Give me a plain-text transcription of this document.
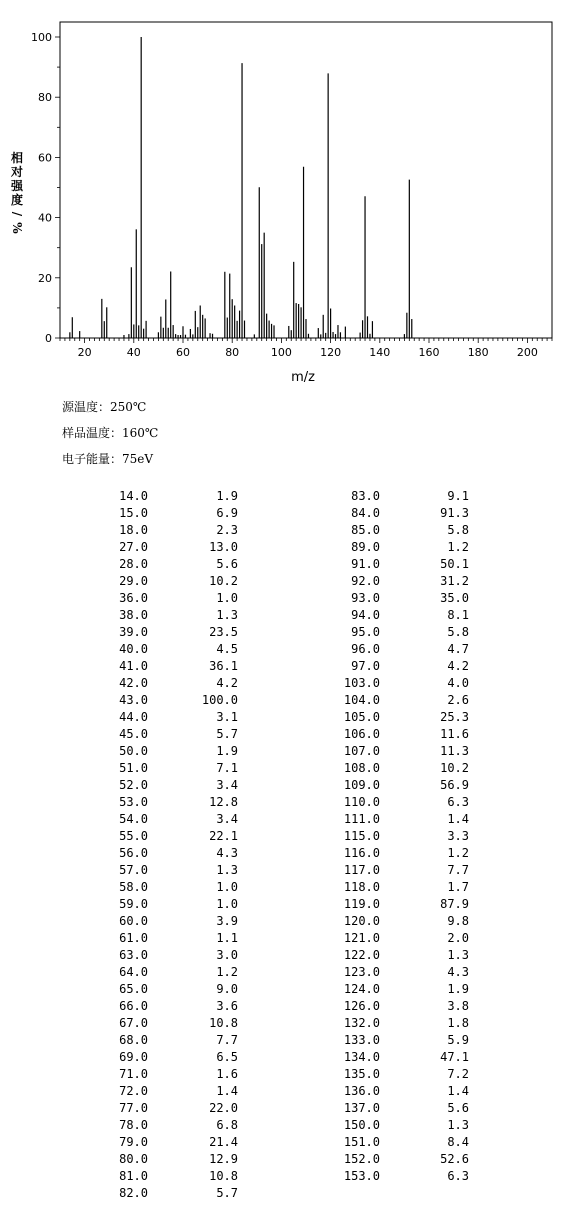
20	40	60	80	100	120	140	160	180	200
0
20
40
60
80
100
m/z
相
对
强
度
/
%
源温度：250℃
样品温度：160℃
电子能量：75eV
14.0	1.9
15.0	6.9
18.0	2.3
27.0	13.0
28.0	5.6
29.0	10.2
36.0	1.0
38.0	1.3
39.0	23.5
40.0	4.5
41.0	36.1
42.0	4.2
43.0	100.0
44.0	3.1
45.0	5.7
50.0	1.9
51.0	7.1
52.0	3.4
53.0	12.8
54.0	3.4
55.0	22.1
56.0	4.3
57.0	1.3
58.0	1.0
59.0	1.0
60.0	3.9
61.0	1.1
63.0	3.0
64.0	1.2
65.0	9.0
66.0	3.6
67.0	10.8
68.0	7.7
69.0	6.5
71.0	1.6
72.0	1.4
77.0	22.0
78.0	6.8
79.0	21.4
80.0	12.9
81.0	10.8
82.0	5.7
83.0	9.1
84.0	91.3
85.0	5.8
89.0	1.2
91.0	50.1
92.0	31.2
93.0	35.0
94.0	8.1
95.0	5.8
96.0	4.7
97.0	4.2
103.0	4.0
104.0	2.6
105.0	25.3
106.0	11.6
107.0	11.3
108.0	10.2
109.0	56.9
110.0	6.3
111.0	1.4
115.0	3.3
116.0	1.2
117.0	7.7
118.0	1.7
119.0	87.9
120.0	9.8
121.0	2.0
122.0	1.3
123.0	4.3
124.0	1.9
126.0	3.8
132.0	1.8
133.0	5.9
134.0	47.1
135.0	7.2
136.0	1.4
137.0	5.6
150.0	1.3
151.0	8.4
152.0	52.6
153.0	6.3
